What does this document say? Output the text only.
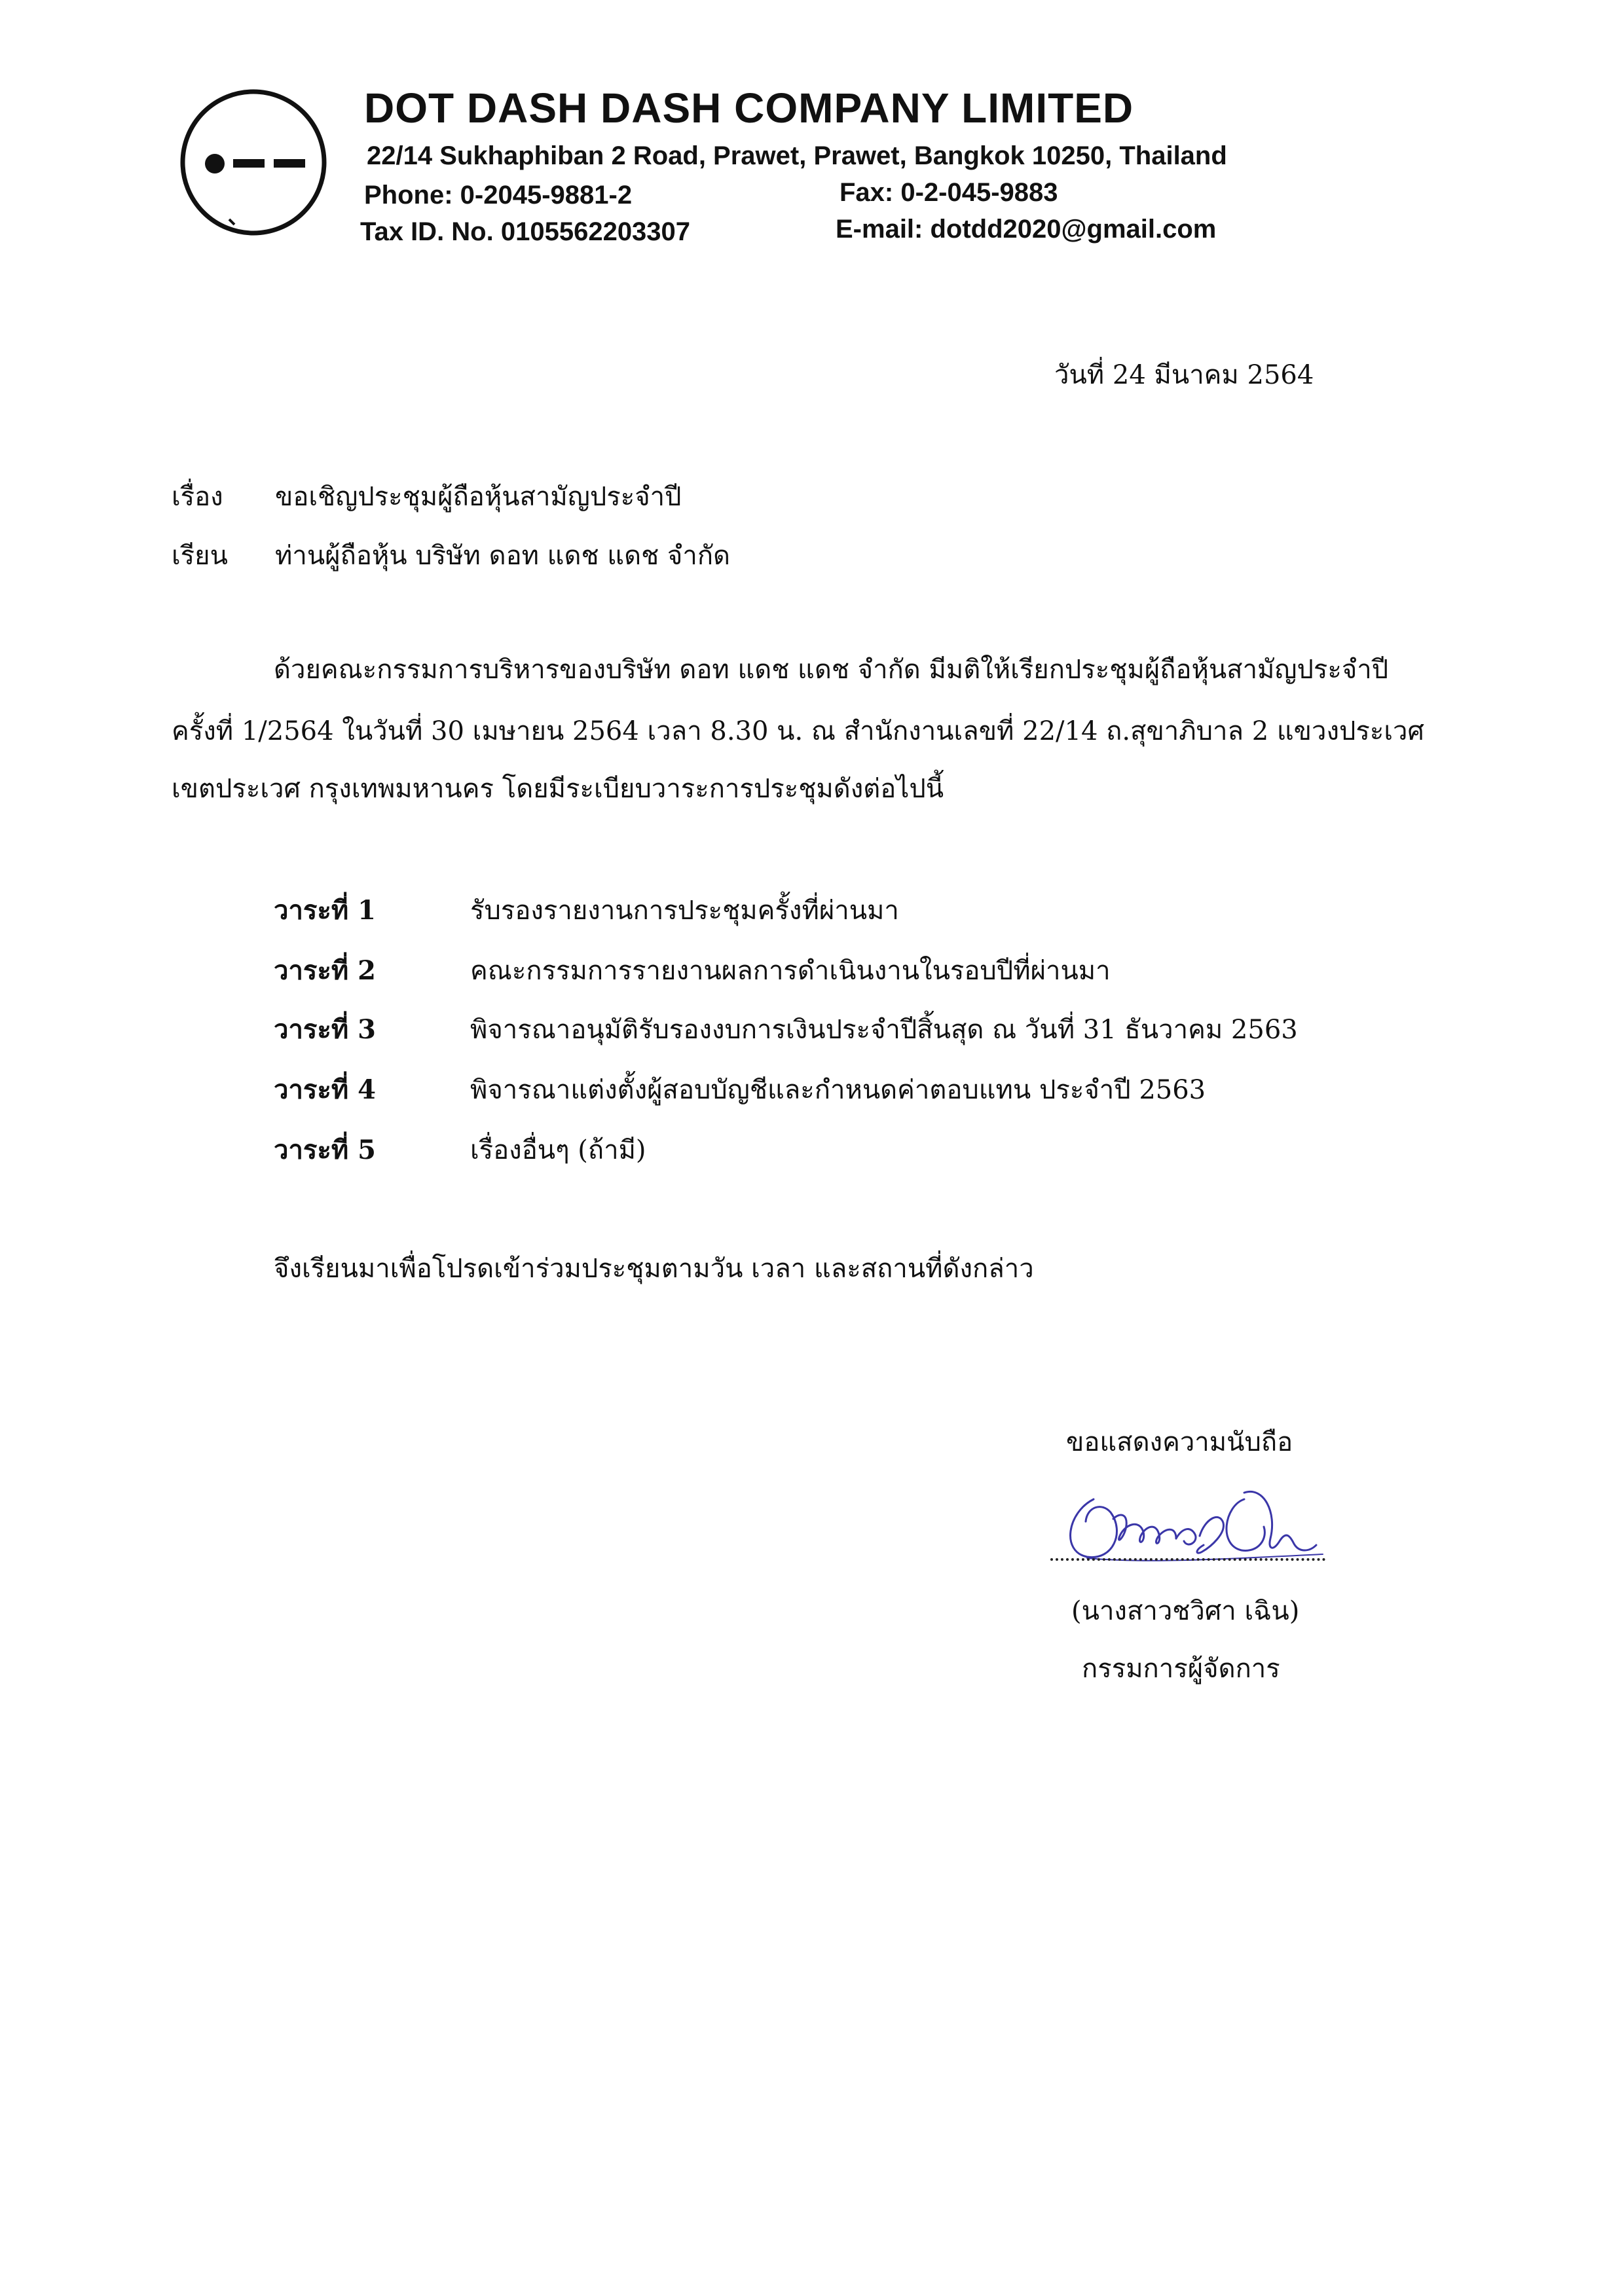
DOT DASH DASH COMPANY LIMITED
22/14 Sukhaphiban 2 Road, Prawet, Prawet, Bangkok 10250, Thailand
Phone: 0-2045-9881-2	Fax: 0-2-045-9883
Tax ID. No. 0105562203307	E-mail: dotdd2020@gmail.com
วันที่ 24 มีนาคม 2564
เรื่อง ขอเชิญประชุมผู้ถือหุ้นสามัญประจำปี
เรียน ท่านผู้ถือหุ้น บริษัท ดอท แดช แดช จำกัด
ด้วยคณะกรรมการบริหารของบริษัท ดอท แดช แดช จำกัด มีมติให้เรียกประชุมผู้ถือหุ้นสามัญประจำปี
ครั้งที่ 1/2564 ในวันที่ 30 เมษายน 2564 เวลา 8.30 น. ณ สำนักงานเลขที่ 22/14 ถ.สุขาภิบาล 2 แขวงประเวศ
เขตประเวศ กรุงเทพมหานคร โดยมีระเบียบวาระการประชุมดังต่อไปนี้
วาระที่ 1	รับรองรายงานการประชุมครั้งที่ผ่านมา
วาระที่ 2	คณะกรรมการรายงานผลการดำเนินงานในรอบปีที่ผ่านมา
วาระที่ 3	พิจารณาอนุมัติรับรองงบการเงินประจำปีสิ้นสุด ณ วันที่ 31 ธันวาคม 2563
วาระที่ 4	พิจารณาแต่งตั้งผู้สอบบัญชีและกำหนดค่าตอบแทน ประจำปี 2563
วาระที่ 5	เรื่องอื่นๆ (ถ้ามี)
จึงเรียนมาเพื่อโปรดเข้าร่วมประชุมตามวัน เวลา และสถานที่ดังกล่าว
ขอแสดงความนับถือ
(นางสาวชวิศา เฉิน)
กรรมการผู้จัดการ
